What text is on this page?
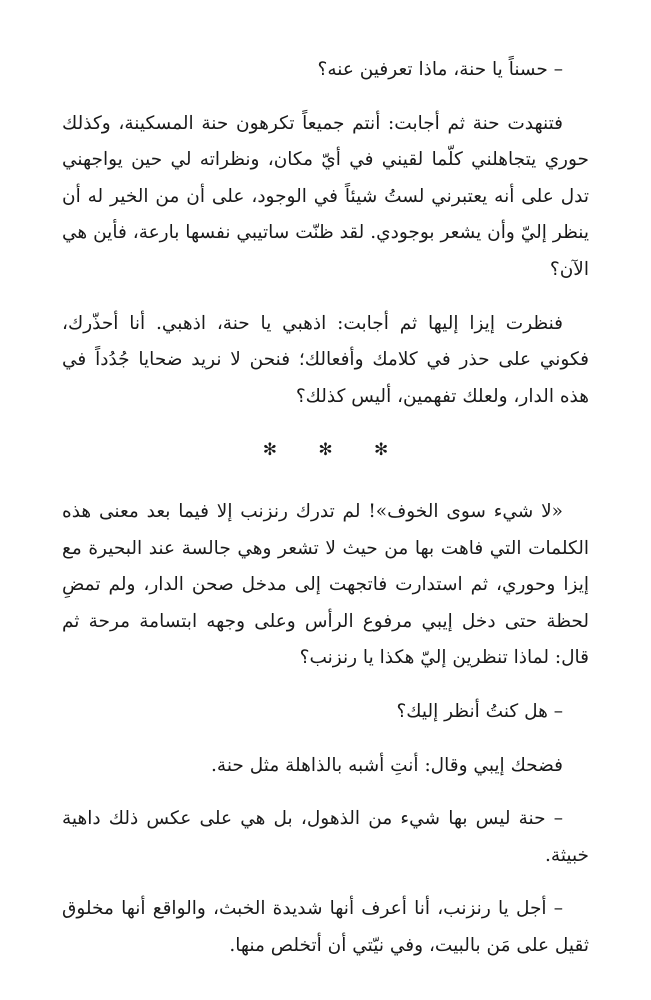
– حسناً يا حنة، ماذا تعرفين عنه؟

فتنهدت حنة ثم أجابت: أنتم جميعاً تكرهون حنة المسكينة، وكذلك حوري يتجاهلني كلّما لقيني في أيّ مكان، ونظراته لي حين يواجهني تدل على أنه يعتبرني لستُ شيئاً في الوجود، على أن من الخير له أن ينظر إليّ وأن يشعر بوجودي. لقد ظنّت ساتيبي نفسها بارعة، فأين هي الآن؟

فنظرت إيزا إليها ثم أجابت: اذهبي يا حنة، اذهبي. أنا أحذّرك، فكوني على حذر في كلامك وأفعالك؛ فنحن لا نريد ضحايا جُدُداً في هذه الدار، ولعلك تفهمين، أليس كذلك؟

✻ ✻ ✻

«لا شيء سوى الخوف»! لم تدرك رنزنب إلا فيما بعد معنى هذه الكلمات التي فاهت بها من حيث لا تشعر وهي جالسة عند البحيرة مع إيزا وحوري، ثم استدارت فاتجهت إلى مدخل صحن الدار، ولم تمضِ لحظة حتى دخل إيبي مرفوع الرأس وعلى وجهه ابتسامة مرحة ثم قال: لماذا تنظرين إليّ هكذا يا رنزنب؟

– هل كنتُ أنظر إليك؟

فضحك إيبي وقال: أنتِ أشبه بالذاهلة مثل حنة.

– حنة ليس بها شيء من الذهول، بل هي على عكس ذلك داهية خبيثة.

– أجل يا رنزنب، أنا أعرف أنها شديدة الخبث، والواقع أنها مخلوق ثقيل على مَن بالبيت، وفي نيّتي أن أتخلص منها.
